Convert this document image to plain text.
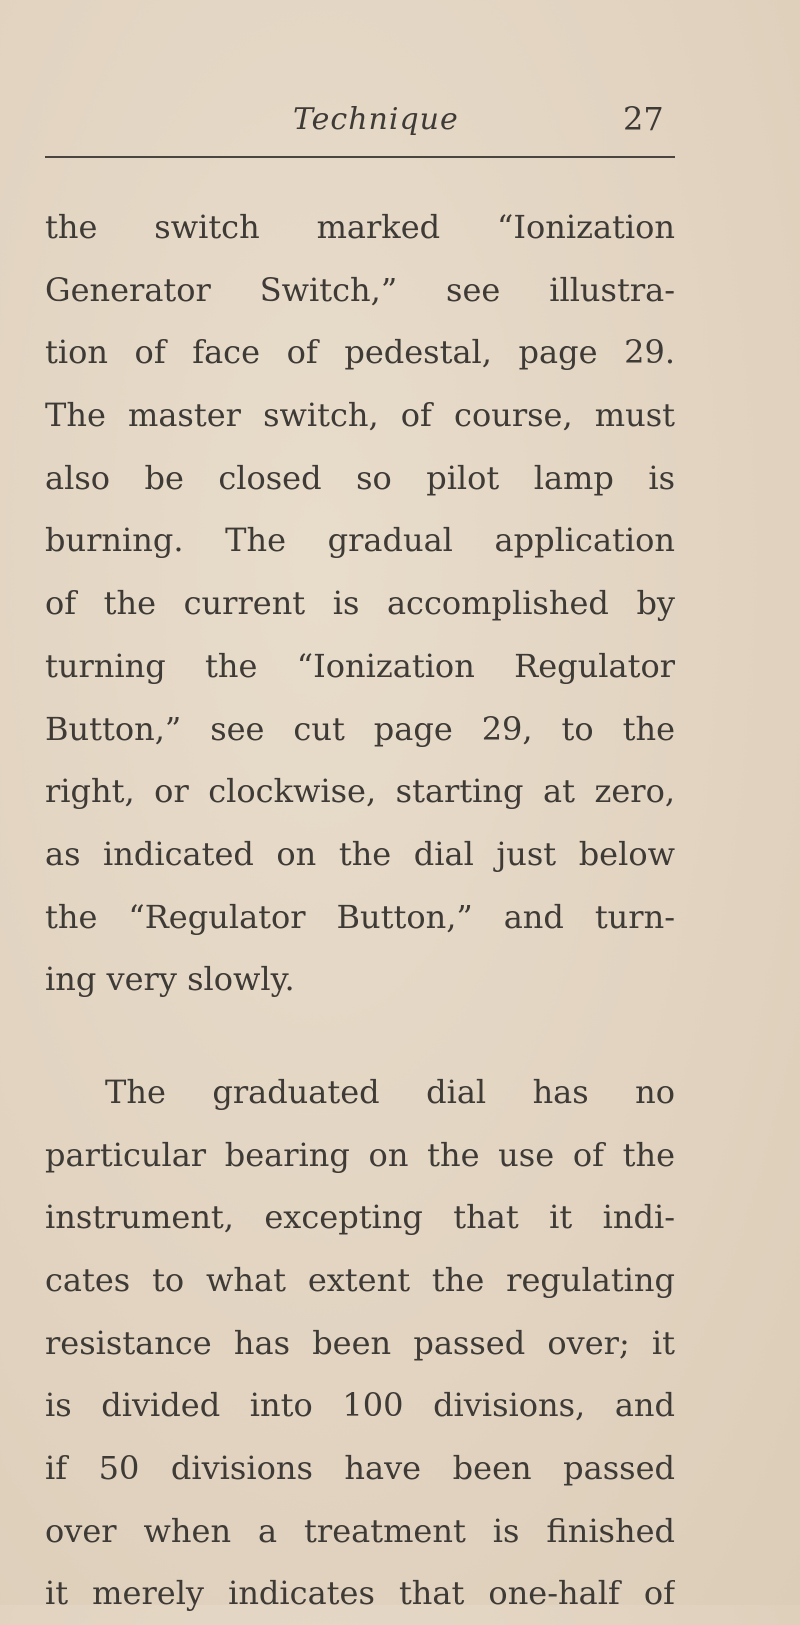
Technique	27
the switch marked “Ionization
Generator Switch,” see illustra-
tion of face of pedestal, page 29.
The master switch, of course, must
also be closed so pilot lamp is
burning. The gradual application
of the current is accomplished by
turning the “Ionization Regulator
Button,” see cut page 29, to the
right, or clockwise, starting at zero,
as indicated on the dial just below
the “Regulator Button,” and turn-
ing very slowly.
The graduated dial has no
particular bearing on the use of the
instrument, excepting that it indi-
cates to what extent the regulating
resistance has been passed over; it
is divided into 100 divisions, and
if 50 divisions have been passed
over when a treatment is finished
it merely indicates that one-half of
